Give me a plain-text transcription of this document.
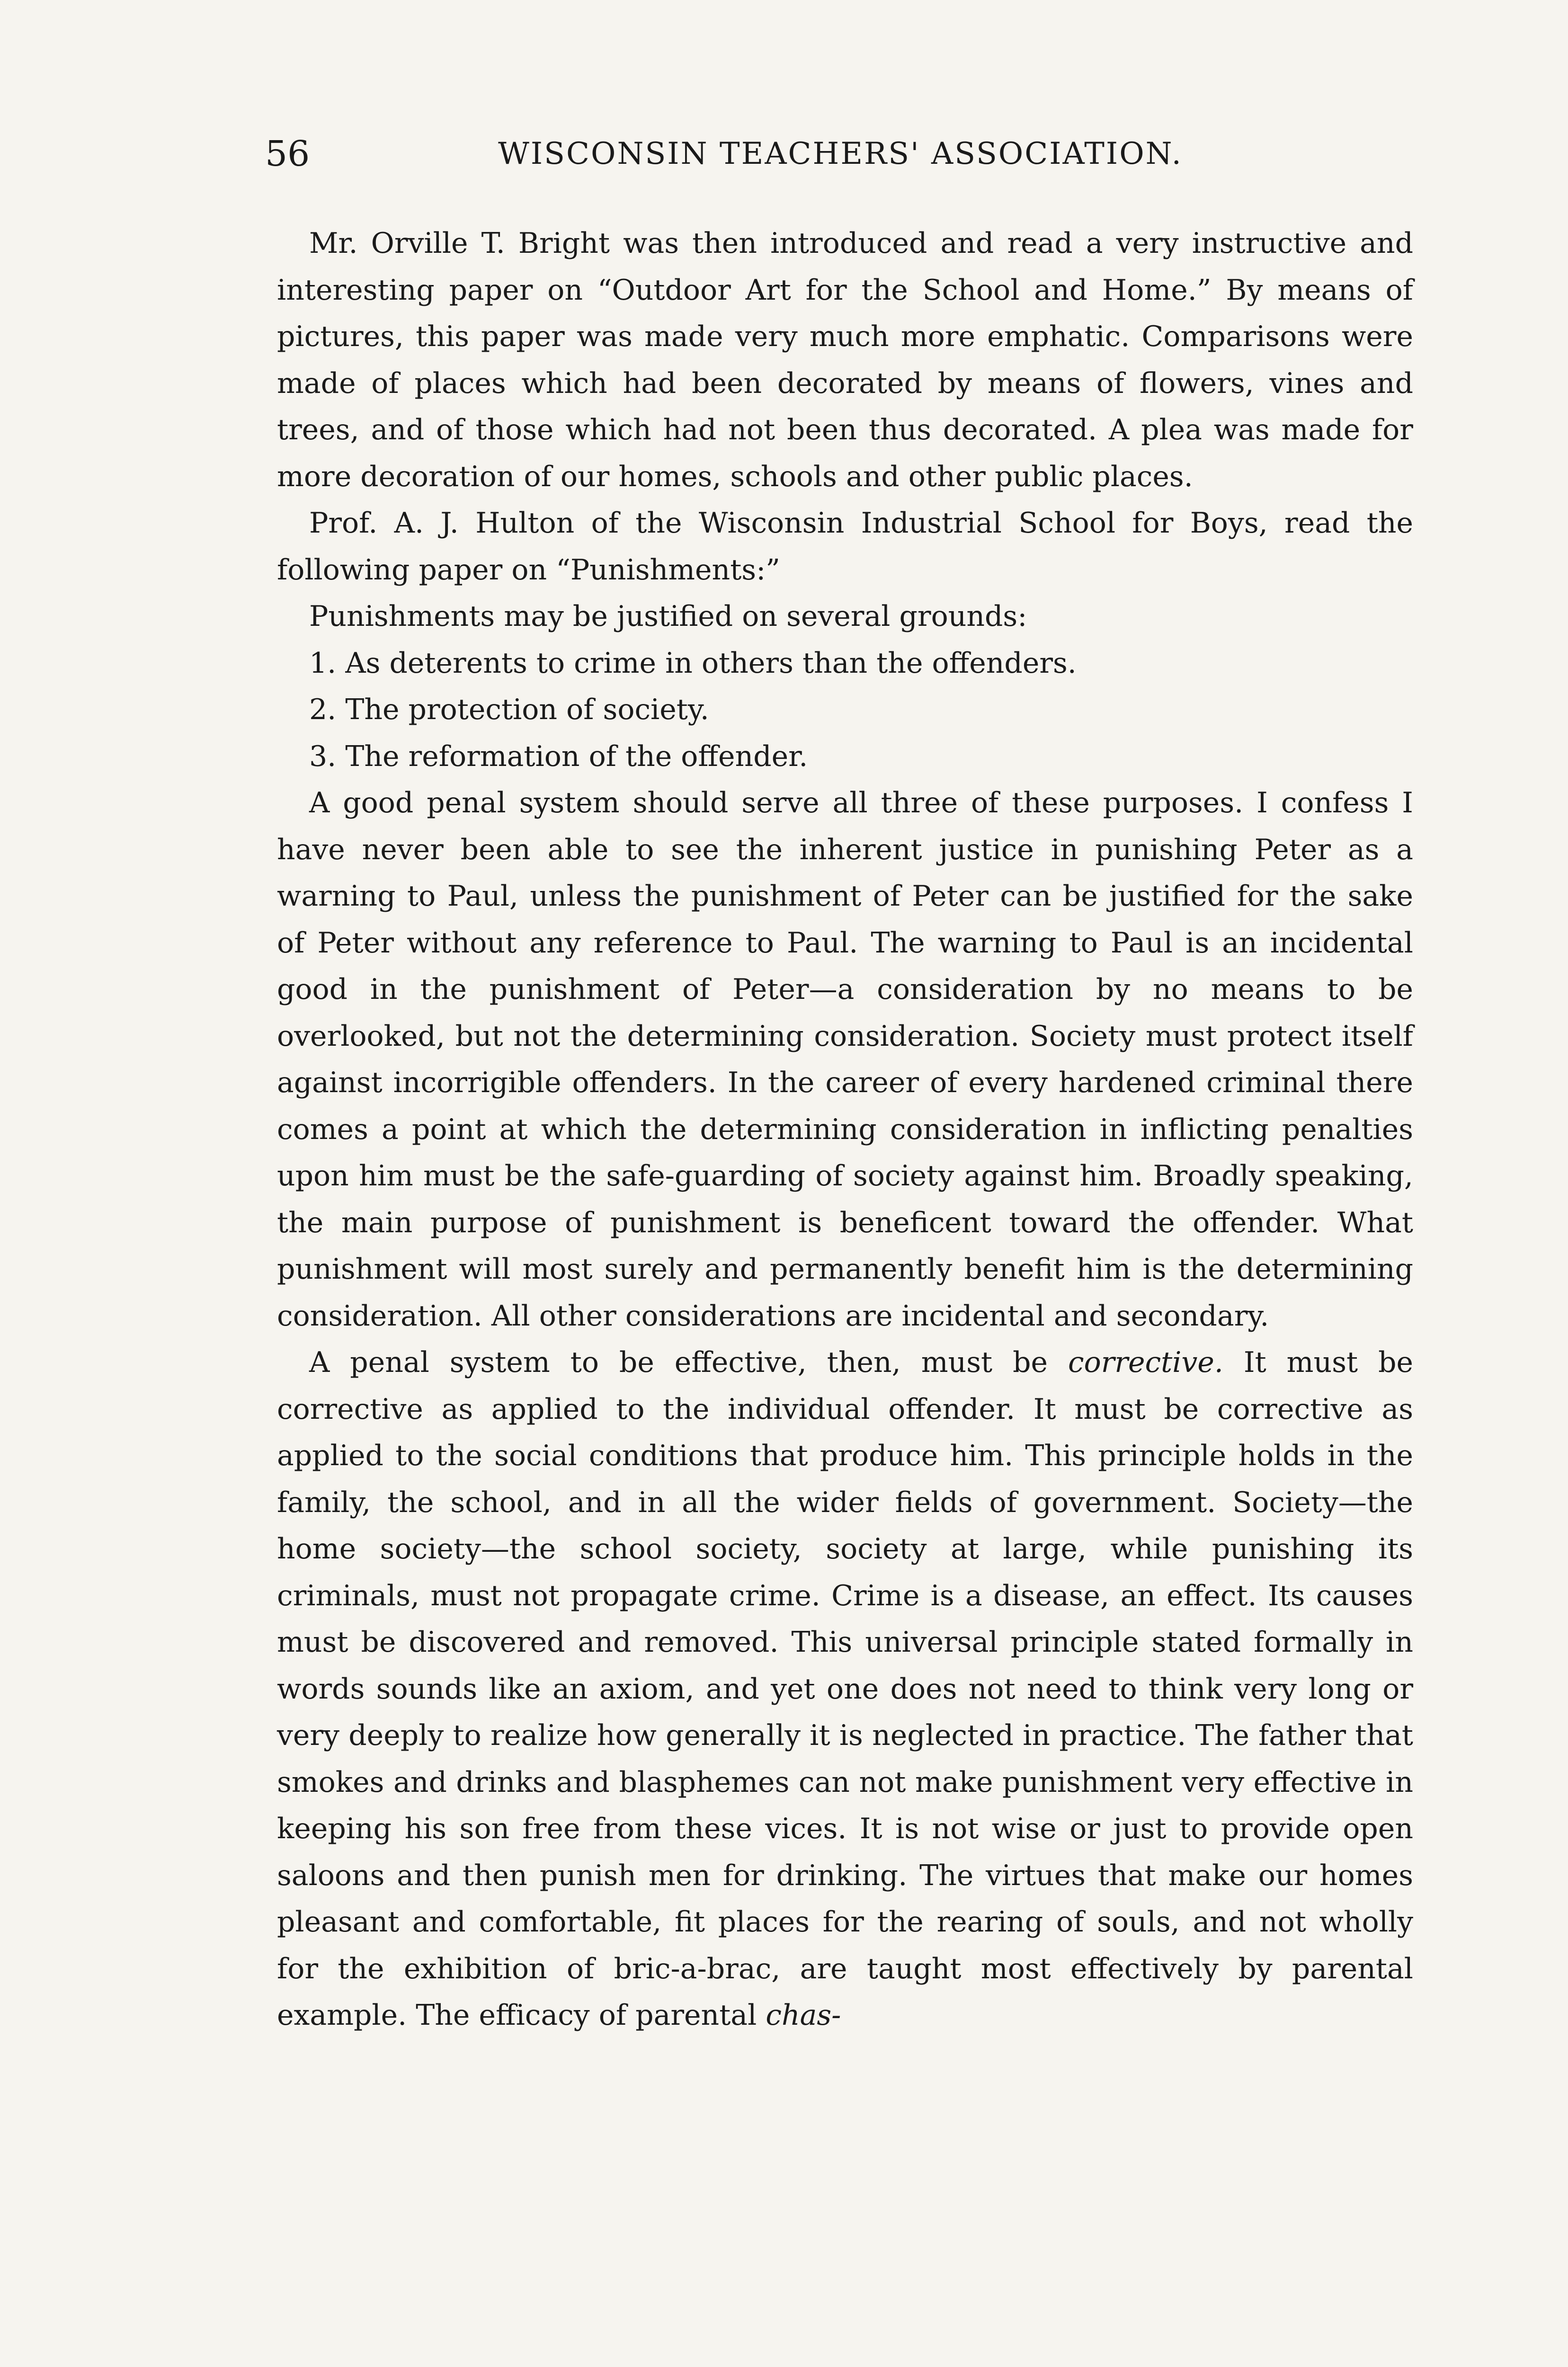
56	WISCONSIN TEACHERS' ASSOCIATION.

Mr. Orville T. Bright was then introduced and read a very instructive and interesting paper on “Outdoor Art for the School and Home.” By means of pictures, this paper was made very much more emphatic. Comparisons were made of places which had been decorated by means of flowers, vines and trees, and of those which had not been thus decorated. A plea was made for more decoration of our homes, schools and other public places.

Prof. A. J. Hulton of the Wisconsin Industrial School for Boys, read the following paper on “Punishments:”

Punishments may be justified on several grounds:

1. As deterents to crime in others than the offenders.

2. The protection of society.

3. The reformation of the offender.

A good penal system should serve all three of these purposes. I confess I have never been able to see the inherent justice in punishing Peter as a warning to Paul, unless the punishment of Peter can be justified for the sake of Peter without any reference to Paul. The warning to Paul is an incidental good in the punishment of Peter—a consideration by no means to be overlooked, but not the determining consideration. Society must protect itself against incorrigible offenders. In the career of every hardened criminal there comes a point at which the determining consideration in inflicting penalties upon him must be the safe-guarding of society against him. Broadly speaking, the main purpose of punishment is beneficent toward the offender. What punishment will most surely and permanently benefit him is the determining consideration. All other considerations are incidental and secondary.

A penal system to be effective, then, must be corrective. It must be corrective as applied to the individual offender. It must be corrective as applied to the social conditions that produce him. This principle holds in the family, the school, and in all the wider fields of government. Society—the home society—the school society, society at large, while punishing its criminals, must not propagate crime. Crime is a disease, an effect. Its causes must be discovered and removed. This universal principle stated formally in words sounds like an axiom, and yet one does not need to think very long or very deeply to realize how generally it is neglected in practice. The father that smokes and drinks and blasphemes can not make punishment very effective in keeping his son free from these vices. It is not wise or just to provide open saloons and then punish men for drinking. The virtues that make our homes pleasant and comfortable, fit places for the rearing of souls, and not wholly for the exhibition of bric-a-brac, are taught most effectively by parental example. The efficacy of parental chas-
